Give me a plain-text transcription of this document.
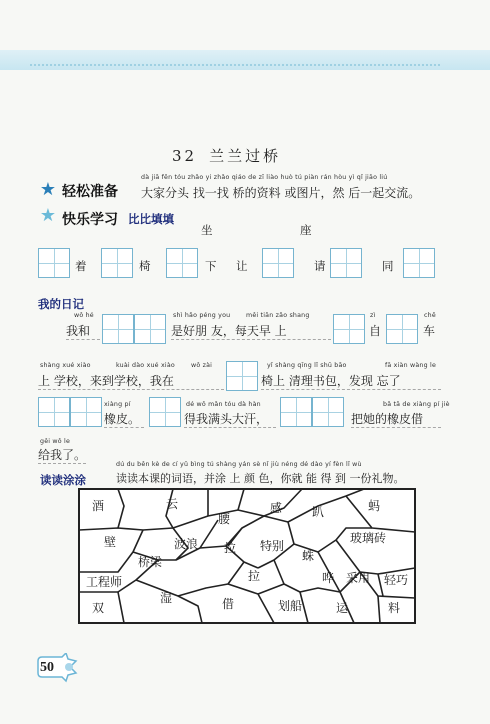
32 兰兰过桥
★ 轻松准备
dà jiā fēn tóu zhǎo yi zhǎo qiáo de zī liào huò tú piàn rán hòu yì qǐ jiāo liú
大家分头 找一找 桥的资料 或图片，然 后一起交流。
★ 快乐学习 比比填填
坐	座
着	椅	下 让	请	同
我的日记
wǒ hé	shì hǎo péng you měi tiān zǎo shang	zì	chē
我和	是好朋 友，每天早 上	自	车
shàng xué xiào	kuài dào xué xiào	wǒ zài	yǐ shàng qīng lǐ shū bāo	fā xiàn wàng le
上 学校，来到学校，我在	椅上 清理书包，发现 忘了
xiàng pí	dé wǒ mǎn tóu dà hàn	bǎ tā de xiàng pí jiè
橡皮。	得我满头大汗，	把她的橡皮借
gěi wǒ le
给我了。
dú du běn kè de cí yǔ bìng tú shàng yán sè nǐ jiù néng dé dào yí fèn lǐ wù
读读涂涂	读读本课的词语，并涂 上 颜 色，你就 能 得 到 一份礼物。
酒	云
腰
感 趴	蚂
壁	波浪 拉 特别
玻璃砖
桥梁	蛛
工程师	拉	哗 采用 轻巧
湿
双	借	划船	运	料
50
